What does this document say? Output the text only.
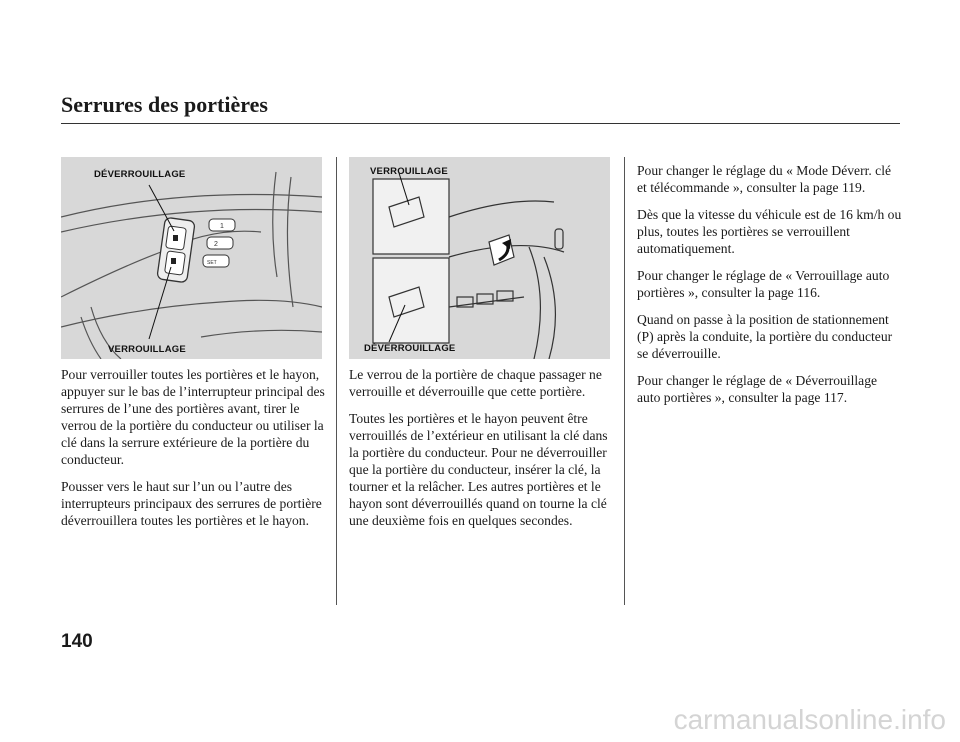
Serrures des portières
1
2
SET
DÉVERROUILLAGE
VERROUILLAGE
VERROUILLAGE
DÉVERROUILLAGE

Pour verrouiller toutes les portières et le hayon, appuyer sur le bas de l’interrupteur principal des serrures de l’une des portières avant, tirer le verrou de la portière du conducteur ou utiliser la clé dans la serrure extérieure de la portière du conducteur.

Pousser vers le haut sur l’un ou l’autre des interrupteurs principaux des serrures de portière déverrouillera toutes les portières et le hayon.

Le verrou de la portière de chaque passager ne verrouille et déverrouille que cette portière.

Toutes les portières et le hayon peuvent être verrouillés de l’extérieur en utilisant la clé dans la portière du conducteur. Pour ne déverrouiller que la portière du conducteur, insérer la clé, la tourner et la relâcher. Les autres portières et le hayon sont déverrouillés quand on tourne la clé une deuxième fois en quelques secondes.

Pour changer le réglage du « Mode Déverr. clé et télécommande », consulter la page 119.

Dès que la vitesse du véhicule est de 16 km/h ou plus, toutes les portières se verrouillent automatiquement.

Pour changer le réglage de « Verrouillage auto portières », consulter la page 116.

Quand on passe à la position de stationnement (P) après la conduite, la portière du conducteur se déverrouille.

Pour changer le réglage de « Déverrouillage auto portières », consulter la page 117.

140
carmanualsonline.info
